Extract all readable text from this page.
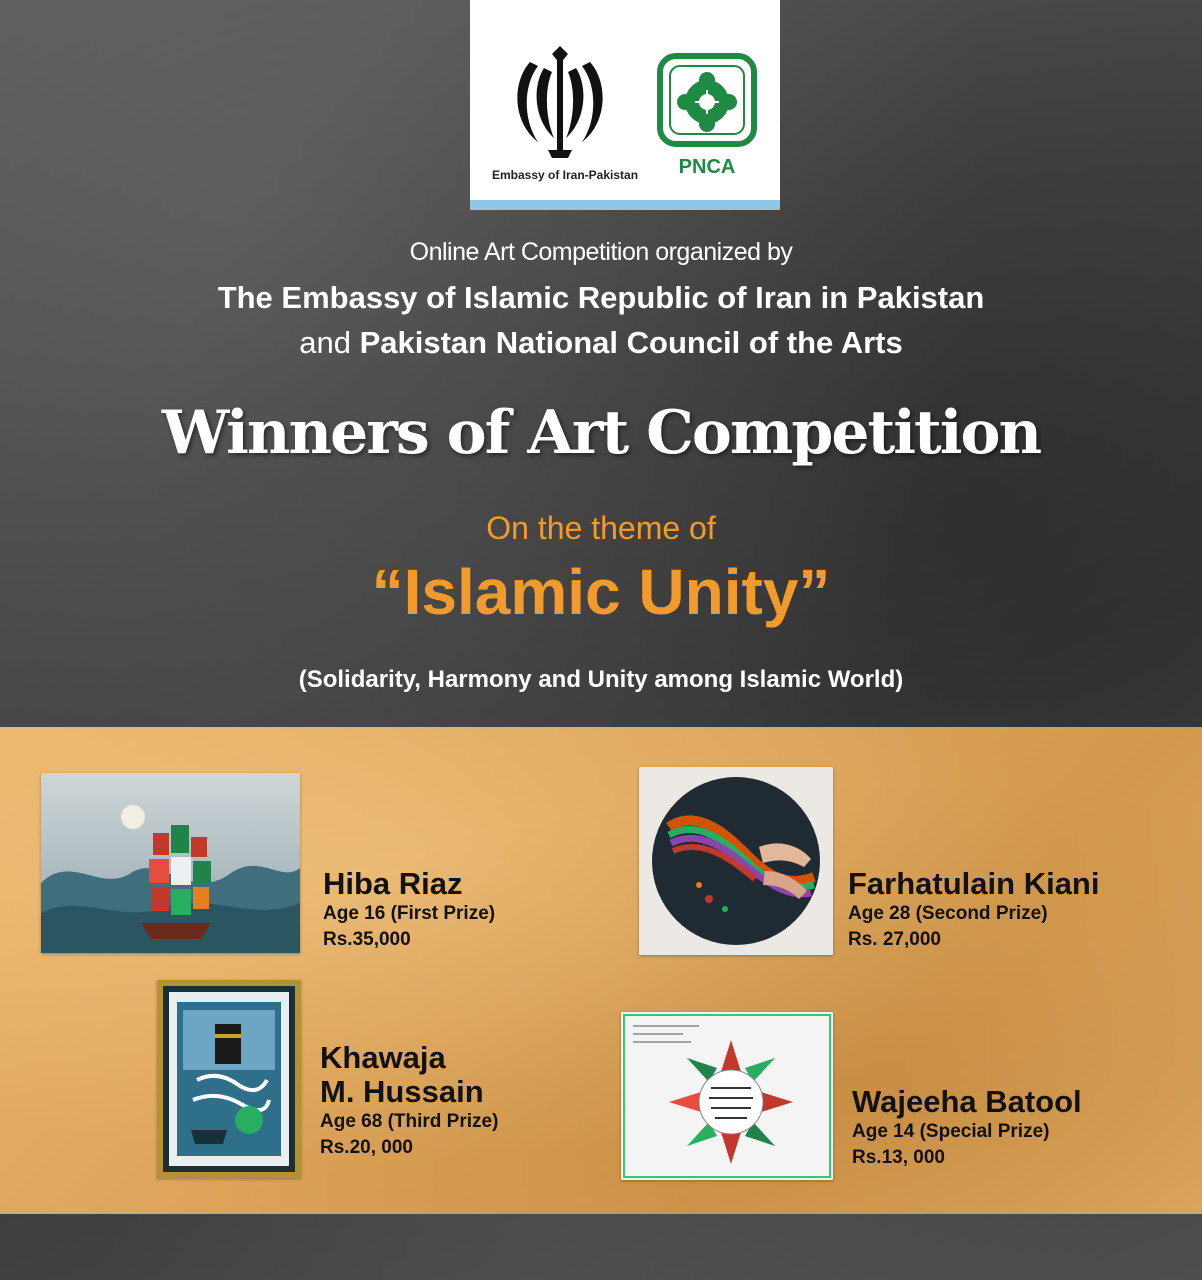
Embassy of Iran-Pakistan	PNCA
Online Art Competition organized by
The Embassy of Islamic Republic of Iran in Pakistan
and Pakistan National Council of the Arts
Winners of Art Competition
On the theme of
“Islamic Unity”
(Solidarity, Harmony and Unity among Islamic World)
Hiba Riaz
Age 16 (First Prize)
Rs.35,000
Farhatulain Kiani
Age 28 (Second Prize)
Rs. 27,000
Khawaja
M. Hussain
Age 68 (Third Prize)
Rs.20, 000
Wajeeha Batool
Age 14 (Special Prize)
Rs.13, 000
